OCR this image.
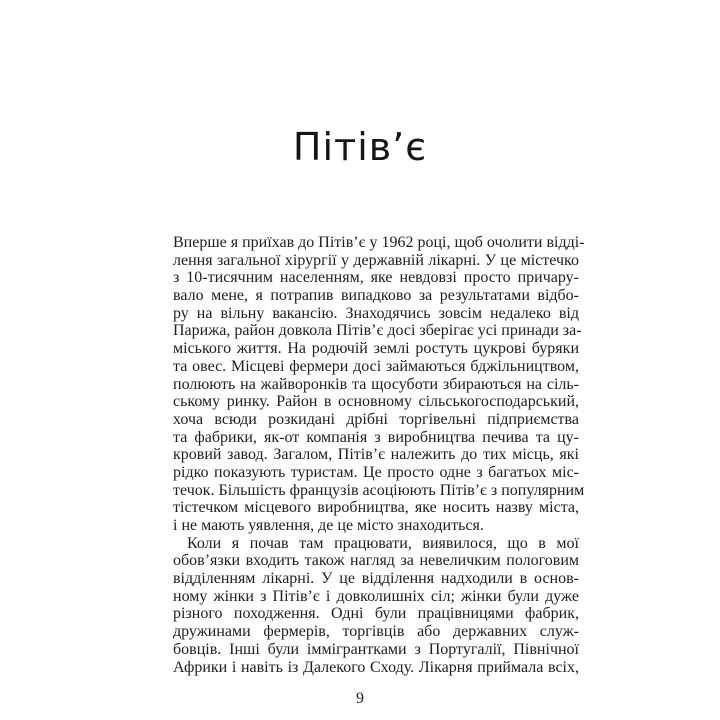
Пітів’є
Вперше я приїхав до Пітів’є у 1962 році, щоб очолити відді-
лення загальної хірургії у державній лікарні. У це містечко
з 10-тисячним населенням, яке невдовзі просто причару-
вало мене, я потрапив випадково за результатами відбо-
ру на вільну вакансію. Знаходячись зовсім недалеко від
Парижа, район довкола Пітів’є досі зберігає усі принади за-
міського життя. На родючій землі ростуть цукрові буряки
та овес. Місцеві фермери досі займаються бджільництвом,
полюють на жайворонків та щосуботи збираються на сіль-
ському ринку. Район в основному сільськогосподарський,
хоча всюди розкидані дрібні торгівельні підприємства
та фабрики, як-от компанія з виробництва печива та цу-
кровий завод. Загалом, Пітів’є належить до тих місць, які
рідко показують туристам. Це просто одне з багатьох міс-
течок. Більшість французів асоціюють Пітів’є з популярним
тістечком місцевого виробництва, яке носить назву міста,
і не мають уявлення, де це місто знаходиться.
Коли я почав там працювати, виявилося, що в мої
обов’язки входить також нагляд за невеличким пологовим
відділенням лікарні. У це відділення надходили в основ-
ному жінки з Пітів’є і довколишніх сіл; жінки були дуже
різного походження. Одні були працівницями фабрик,
дружинами фермерів, торгівців або державних служ-
бовців. Інші були іммігрантками з Португалії, Північної
Африки і навіть із Далекого Сходу. Лікарня приймала всіх,
9
